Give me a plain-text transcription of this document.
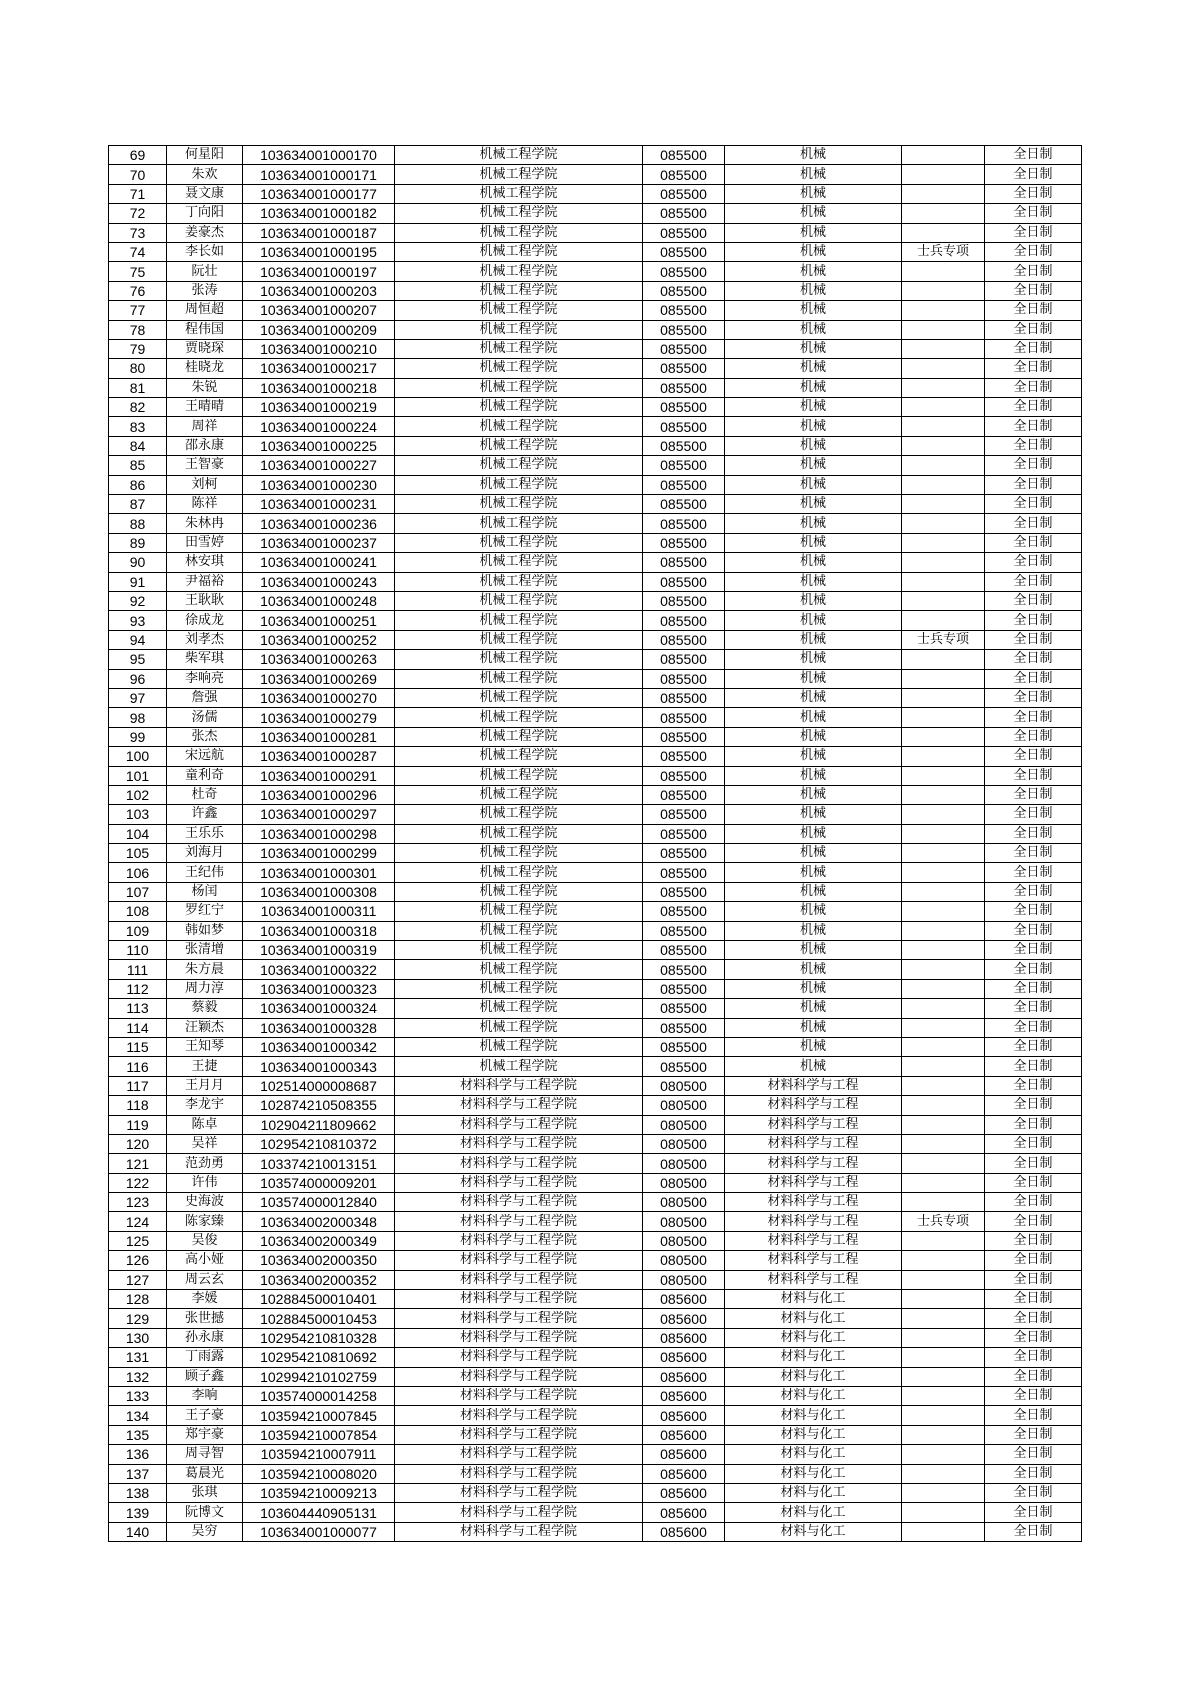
69	何星阳	103634001000170	机械工程学院	085500	机械		全日制
70	朱欢	103634001000171	机械工程学院	085500	机械		全日制
71	聂文康	103634001000177	机械工程学院	085500	机械		全日制
72	丁向阳	103634001000182	机械工程学院	085500	机械		全日制
73	姜豪杰	103634001000187	机械工程学院	085500	机械		全日制
74	李长如	103634001000195	机械工程学院	085500	机械	士兵专项	全日制
75	阮壮	103634001000197	机械工程学院	085500	机械		全日制
76	张涛	103634001000203	机械工程学院	085500	机械		全日制
77	周恒超	103634001000207	机械工程学院	085500	机械		全日制
78	程伟国	103634001000209	机械工程学院	085500	机械		全日制
79	贾晓琛	103634001000210	机械工程学院	085500	机械		全日制
80	桂晓龙	103634001000217	机械工程学院	085500	机械		全日制
81	朱锐	103634001000218	机械工程学院	085500	机械		全日制
82	王晴晴	103634001000219	机械工程学院	085500	机械		全日制
83	周祥	103634001000224	机械工程学院	085500	机械		全日制
84	邵永康	103634001000225	机械工程学院	085500	机械		全日制
85	王智豪	103634001000227	机械工程学院	085500	机械		全日制
86	刘柯	103634001000230	机械工程学院	085500	机械		全日制
87	陈祥	103634001000231	机械工程学院	085500	机械		全日制
88	朱林冉	103634001000236	机械工程学院	085500	机械		全日制
89	田雪婷	103634001000237	机械工程学院	085500	机械		全日制
90	林安琪	103634001000241	机械工程学院	085500	机械		全日制
91	尹福裕	103634001000243	机械工程学院	085500	机械		全日制
92	王耿耿	103634001000248	机械工程学院	085500	机械		全日制
93	徐成龙	103634001000251	机械工程学院	085500	机械		全日制
94	刘孝杰	103634001000252	机械工程学院	085500	机械	士兵专项	全日制
95	柴军琪	103634001000263	机械工程学院	085500	机械		全日制
96	李响亮	103634001000269	机械工程学院	085500	机械		全日制
97	詹强	103634001000270	机械工程学院	085500	机械		全日制
98	汤儒	103634001000279	机械工程学院	085500	机械		全日制
99	张杰	103634001000281	机械工程学院	085500	机械		全日制
100	宋远航	103634001000287	机械工程学院	085500	机械		全日制
101	童利奇	103634001000291	机械工程学院	085500	机械		全日制
102	杜奇	103634001000296	机械工程学院	085500	机械		全日制
103	许鑫	103634001000297	机械工程学院	085500	机械		全日制
104	王乐乐	103634001000298	机械工程学院	085500	机械		全日制
105	刘海月	103634001000299	机械工程学院	085500	机械		全日制
106	王纪伟	103634001000301	机械工程学院	085500	机械		全日制
107	杨闰	103634001000308	机械工程学院	085500	机械		全日制
108	罗红宁	103634001000311	机械工程学院	085500	机械		全日制
109	韩如梦	103634001000318	机械工程学院	085500	机械		全日制
110	张清增	103634001000319	机械工程学院	085500	机械		全日制
111	朱方晨	103634001000322	机械工程学院	085500	机械		全日制
112	周力淳	103634001000323	机械工程学院	085500	机械		全日制
113	蔡毅	103634001000324	机械工程学院	085500	机械		全日制
114	汪颖杰	103634001000328	机械工程学院	085500	机械		全日制
115	王知琴	103634001000342	机械工程学院	085500	机械		全日制
116	王捷	103634001000343	机械工程学院	085500	机械		全日制
117	王月月	102514000008687	材料科学与工程学院	080500	材料科学与工程		全日制
118	李龙宇	102874210508355	材料科学与工程学院	080500	材料科学与工程		全日制
119	陈卓	102904211809662	材料科学与工程学院	080500	材料科学与工程		全日制
120	吴祥	102954210810372	材料科学与工程学院	080500	材料科学与工程		全日制
121	范劲勇	103374210013151	材料科学与工程学院	080500	材料科学与工程		全日制
122	许伟	103574000009201	材料科学与工程学院	080500	材料科学与工程		全日制
123	史海波	103574000012840	材料科学与工程学院	080500	材料科学与工程		全日制
124	陈家臻	103634002000348	材料科学与工程学院	080500	材料科学与工程	士兵专项	全日制
125	吴俊	103634002000349	材料科学与工程学院	080500	材料科学与工程		全日制
126	高小娅	103634002000350	材料科学与工程学院	080500	材料科学与工程		全日制
127	周云玄	103634002000352	材料科学与工程学院	080500	材料科学与工程		全日制
128	李媛	102884500010401	材料科学与工程学院	085600	材料与化工		全日制
129	张世撼	102884500010453	材料科学与工程学院	085600	材料与化工		全日制
130	孙永康	102954210810328	材料科学与工程学院	085600	材料与化工		全日制
131	丁雨露	102954210810692	材料科学与工程学院	085600	材料与化工		全日制
132	顾子鑫	102994210102759	材料科学与工程学院	085600	材料与化工		全日制
133	李响	103574000014258	材料科学与工程学院	085600	材料与化工		全日制
134	王子豪	103594210007845	材料科学与工程学院	085600	材料与化工		全日制
135	郑宇豪	103594210007854	材料科学与工程学院	085600	材料与化工		全日制
136	周寻智	103594210007911	材料科学与工程学院	085600	材料与化工		全日制
137	葛晨光	103594210008020	材料科学与工程学院	085600	材料与化工		全日制
138	张琪	103594210009213	材料科学与工程学院	085600	材料与化工		全日制
139	阮博文	103604440905131	材料科学与工程学院	085600	材料与化工		全日制
140	吴穷	103634001000077	材料科学与工程学院	085600	材料与化工		全日制
